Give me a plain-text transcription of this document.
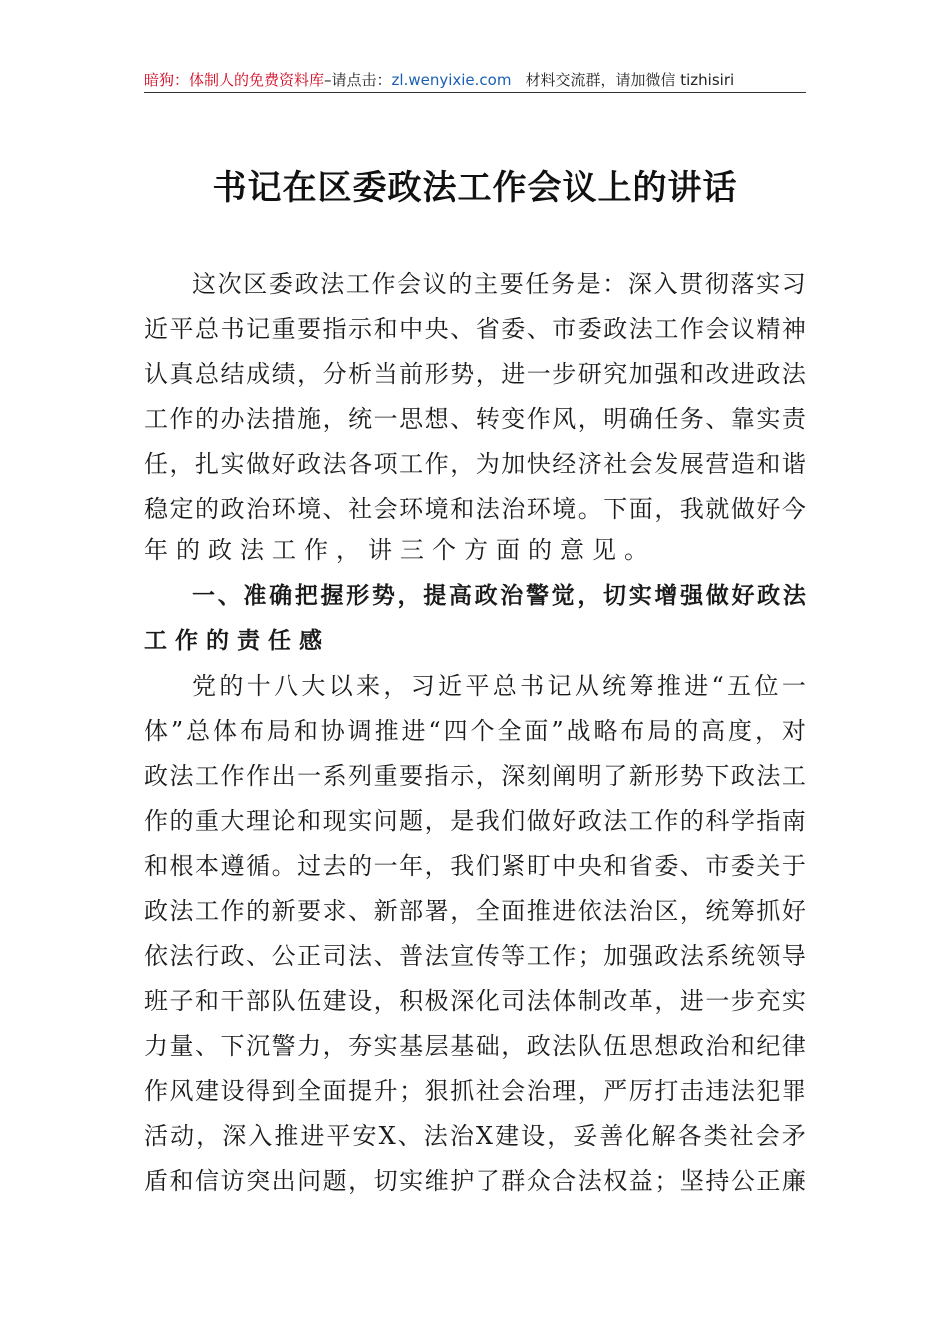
暗狗：体制人的免费资料库–请点击：zl.wenyixie.com 材料交流群，请加微信 tizhisiri
书记在区委政法工作会议上的讲话
这 次 区 委 政 法 工 作 会 议 的 主 要 任 务 是 ： 深 入 贯 彻 落 实 习
近 平 总 书 记 重 要 指 示 和 中 央 、 省 委 、 市 委 政 法 工 作 会 议 精 神
认 真 总 结 成 绩 ， 分 析 当 前 形 势 ， 进 一 步 研 究 加 强 和 改 进 政 法
工 作 的 办 法 措 施 ， 统 一 思 想 、 转 变 作 风 ， 明 确 任 务 、 靠 实 责
任 ， 扎 实 做 好 政 法 各 项 工 作 ， 为 加 快 经 济 社 会 发 展 营 造 和 谐
稳 定 的 政 治 环 境 、 社 会 环 境 和 法 治 环 境 。 下 面 ， 我 就 做 好 今
年的政法工作，讲三个方面的意见。
一 、 准 确 把 握 形 势 ， 提 高 政 治 警 觉 ， 切 实 增 强 做 好 政 法
工作的责任感
党 的 十 八 大 以 来 ， 习 近 平 总 书 记 从 统 筹 推 进 “ 五 位 一
体 ” 总 体 布 局 和 协 调 推 进 “ 四 个 全 面 ” 战 略 布 局 的 高 度 ， 对
政 法 工 作 作 出 一 系 列 重 要 指 示 ， 深 刻 阐 明 了 新 形 势 下 政 法 工
作 的 重 大 理 论 和 现 实 问 题 ， 是 我 们 做 好 政 法 工 作 的 科 学 指 南
和 根 本 遵 循 。 过 去 的 一 年 ， 我 们 紧 盯 中 央 和 省 委 、 市 委 关 于
政 法 工 作 的 新 要 求 、 新 部 署 ， 全 面 推 进 依 法 治 区 ， 统 筹 抓 好
依 法 行 政 、 公 正 司 法 、 普 法 宣 传 等 工 作 ； 加 强 政 法 系 统 领 导
班 子 和 干 部 队 伍 建 设 ， 积 极 深 化 司 法 体 制 改 革 ， 进 一 步 充 实
力 量 、 下 沉 警 力 ， 夯 实 基 层 基 础 ， 政 法 队 伍 思 想 政 治 和 纪 律
作 风 建 设 得 到 全 面 提 升 ； 狠 抓 社 会 治 理 ， 严 厉 打 击 违 法 犯 罪
活 动 ， 深 入 推 进 平 安 X 、 法 治 X 建 设 ， 妥 善 化 解 各 类 社 会 矛
盾 和 信 访 突 出 问 题 ， 切 实 维 护 了 群 众 合 法 权 益 ； 坚 持 公 正 廉
